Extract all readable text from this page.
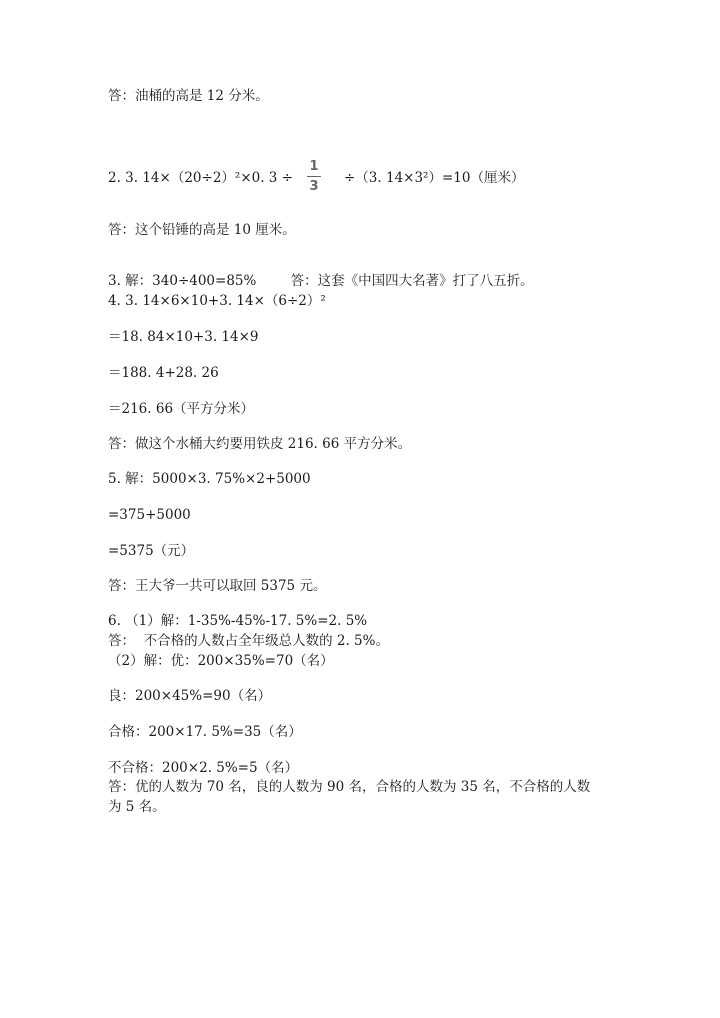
答：油桶的高是 12 分米。
2. 3. 14×（20÷2）²×0. 3 ÷
1
3
÷（3. 14×3²）=10（厘米）
答：这个铅锤的高是 10 厘米。
3. 解：340÷400=85%        答：这套《中国四大名著》打了八五折。
4. 3. 14×6×10+3. 14×（6÷2）²
＝18. 84×10+3. 14×9
＝188. 4+28. 26
＝216. 66（平方分米）
答：做这个水桶大约要用铁皮 216. 66 平方分米。
5. 解：5000×3. 75%×2+5000
=375+5000
=5375（元）
答：王大爷一共可以取回 5375 元。
6. （1）解：1-35%-45%-17. 5%=2. 5%
答：  不合格的人数占全年级总人数的 2. 5%。
（2）解：优：200×35%=70（名）
良：200×45%=90（名）
合格：200×17. 5%=35（名）
不合格：200×2. 5%=5（名）
答：优的人数为 70 名，良的人数为 90 名，合格的人数为 35 名，不合格的人数
为 5 名。
